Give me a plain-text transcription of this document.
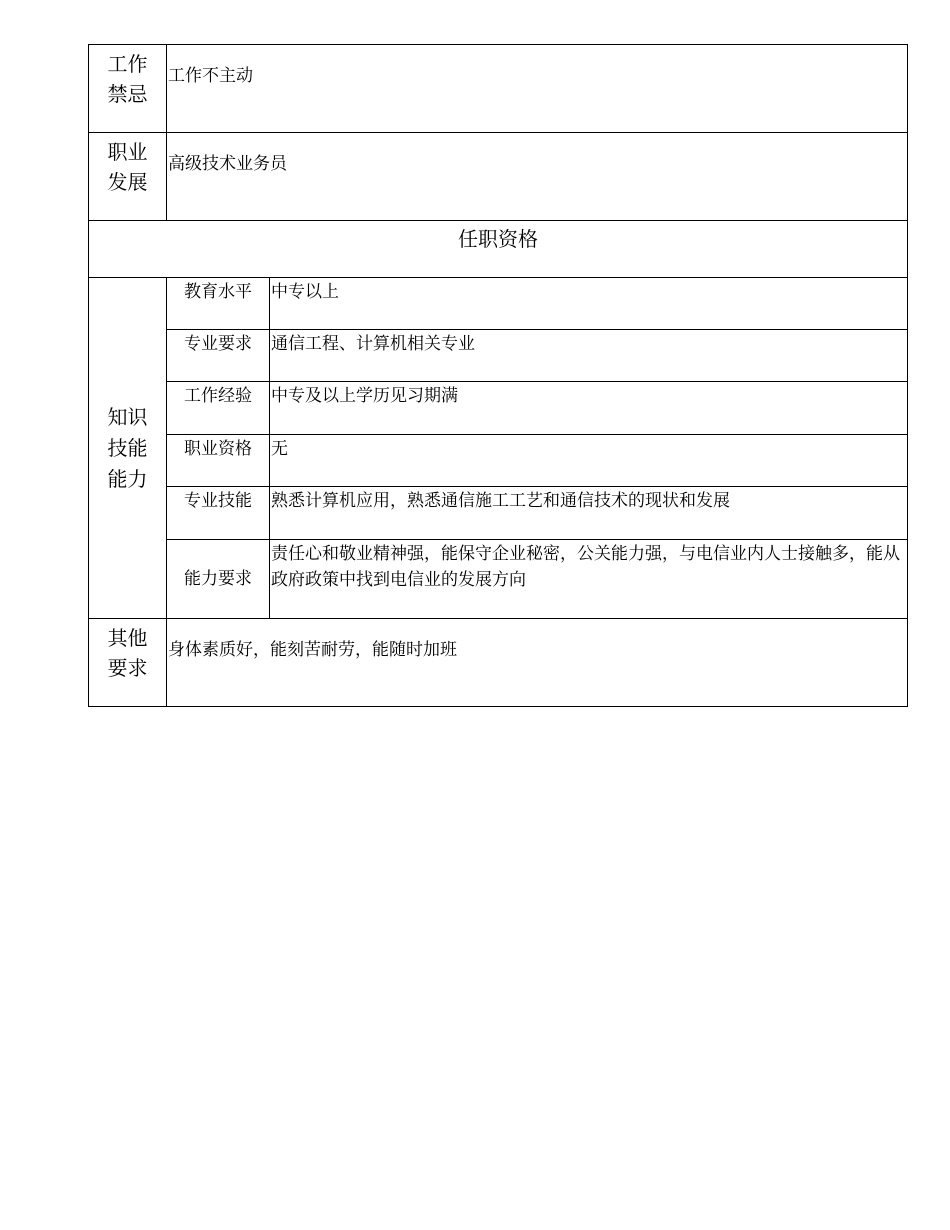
工作
禁忌	工作不主动	

职业
发展	高级技术业务员	
任职资格		

知识
技能
能力	教育水平	中专以上
	专业要求	通信工程、计算机相关专业
	工作经验	中专及以上学历见习期满
	职业资格	无
	专业技能	熟悉计算机应用，熟悉通信施工工艺和通信技术的现状和发展
	能力要求	责任心和敬业精神强，能保守企业秘密，公关能力强，与电信业内人士接触多，能从政府政策中找到电信业的发展方向

其他
要求	身体素质好，能刻苦耐劳，能随时加班	
